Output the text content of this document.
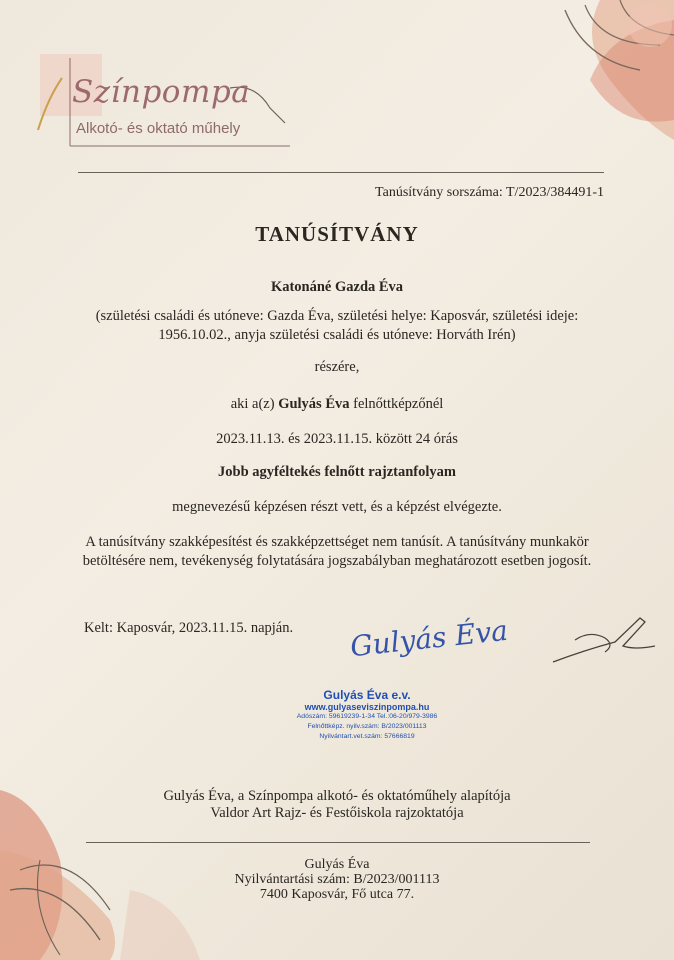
Színpompa
Alkotó- és oktató műhely
Tanúsítvány sorszáma: T/2023/384491-1
TANÚSÍTVÁNY
Katonáné Gazda Éva
(születési családi és utóneve: Gazda Éva, születési helye: Kaposvár, születési ideje:
1956.10.02., anyja születési családi és utóneve: Horváth Irén)
részére,
aki a(z) Gulyás Éva felnőttképzőnél
2023.11.13. és 2023.11.15. között 24 órás
Jobb agyféltekés felnőtt rajztanfolyam
megnevezésű képzésen részt vett, és a képzést elvégezte.
A tanúsítvány szakképesítést és szakképzettséget nem tanúsít. A tanúsítvány munkakör
betöltésére nem, tevékenység folytatására jogszabályban meghatározott esetben jogosít.
Kelt: Kaposvár, 2023.11.15. napján. Gulyás Éva
Gulyás Éva e.v.
www.gulyaseviszinpompa.hu
Adószám: 59619239-1-34 Tel.:06-20/979-3986
Felnőttképz. nyilv.szám: B/2023/001113
Nyilvántart.vet.szám: 57666819
Gulyás Éva, a Színpompa alkotó- és oktatóműhely alapítója
Valdor Art Rajz- és Festőiskola rajzoktatója
Gulyás Éva
Nyilvántartási szám: B/2023/001113
7400 Kaposvár, Fő utca 77.
